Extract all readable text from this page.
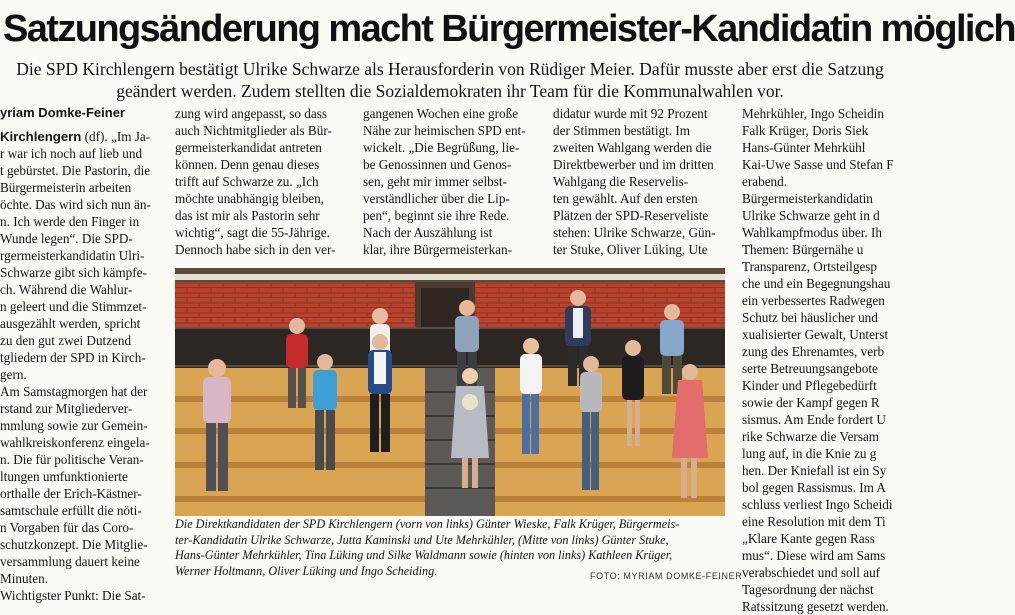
Satzungsänderung macht Bürgermeister-Kandidatin möglich
Die SPD Kirchlengern bestätigt Ulrike Schwarze als Herausforderin von Rüdiger Meier. Dafür musste aber erst die Satzung
geändert werden. Zudem stellten die Sozialdemokraten ihr Team für die Kommunalwahlen vor.
yriam Domke-Feiner
Kirchlengern (df). „Im Ja-
r war ich noch auf lieb und
t gebürstet. Die Pastorin, die
Bürgermeisterin arbeiten
öchte. Das wird sich nun än-
n. Ich werde den Finger in
Wunde legen“. Die SPD-
rgermeisterkandidatin Ulri-
Schwarze gibt sich kämpfe-
ch. Während die Wahlur-
n geleert und die Stimmzet-
ausgezählt werden, spricht
zu den gut zwei Dutzend
tgliedern der SPD in Kirch-
gern.
Am Samstagmorgen hat der
rstand zur Mitgliederver-
mmlung sowie zur Gemein-
wahlkreiskonferenz eingela-
n. Die für politische Veran-
ltungen umfunktionierte
orthalle der Erich-Kästner-
samtschule erfüllt die nöti-
n Vorgaben für das Coro-
schutzkonzept. Die Mitglie-
versammlung dauert keine
Minuten.
Wichtigster Punkt: Die Sat-
zung wird angepasst, so dass
auch Nichtmitglieder als Bür-
germeisterkandidat antreten
können. Denn genau dieses
trifft auf Schwarze zu. „Ich
möchte unabhängig bleiben,
das ist mir als Pastorin sehr
wichtig“, sagt die 55-Jährige.
Dennoch habe sich in den ver-
gangenen Wochen eine große
Nähe zur heimischen SPD ent-
wickelt. „Die Begrüßung, lie-
be Genossinnen und Genos-
sen, geht mir immer selbst-
verständlicher über die Lip-
pen“, beginnt sie ihre Rede.
Nach der Auszählung ist
klar, ihre Bürgermeisterkan-
didatur wurde mit 92 Prozent
der Stimmen bestätigt. Im
zweiten Wahlgang werden die
Direktbewerber und im dritten
Wahlgang die Reservelis-
ten gewählt. Auf den ersten
Plätzen der SPD-Reserveliste
stehen: Ulrike Schwarze, Gün-
ter Stuke, Oliver Lüking, Ute
Mehrkühler, Ingo Scheidin
Falk Krüger, Doris Siek
Hans-Günter Mehrkühl
Kai-Uwe Sasse und Stefan F
erabend.
Bürgermeisterkandidatin
Ulrike Schwarze geht in d
Wahlkampfmodus über. Ih
Themen: Bürgernähe u
Transparenz, Ortsteilgesp
che und ein Begegnungshau
ein verbessertes Radwegen
Schutz bei häuslicher und
xualisierter Gewalt, Unterst
zung des Ehrenamtes, verb
serte Betreuungsangebote
Kinder und Pflegebedürft
sowie der Kampf gegen R
sismus. Am Ende fordert U
rike Schwarze die Versam
lung auf, in die Knie zu g
hen. Der Kniefall ist ein Sy
bol gegen Rassismus. Im A
schluss verliest Ingo Scheidi
eine Resolution mit dem Ti
„Klare Kante gegen Rass
mus“. Diese wird am Sams
verabschiedet und soll auf
Tagesordnung der nächst
Ratssitzung gesetzt werden.
Die Direktkandidaten der SPD Kirchlengern (vorn von links) Günter Wieske, Falk Krüger, Bürgermeis-
ter-Kandidatin Ulrike Schwarze, Jutta Kaminski und Ute Mehrkühler, (Mitte von links) Günter Stuke,
Hans-Günter Mehrkühler, Tina Lüking und Silke Waldmann sowie (hinten von links) Kathleen Krüger,
Werner Holtmann, Oliver Lüking und Ingo Scheiding.	FOTO: MYRIAM DOMKE-FEINER
